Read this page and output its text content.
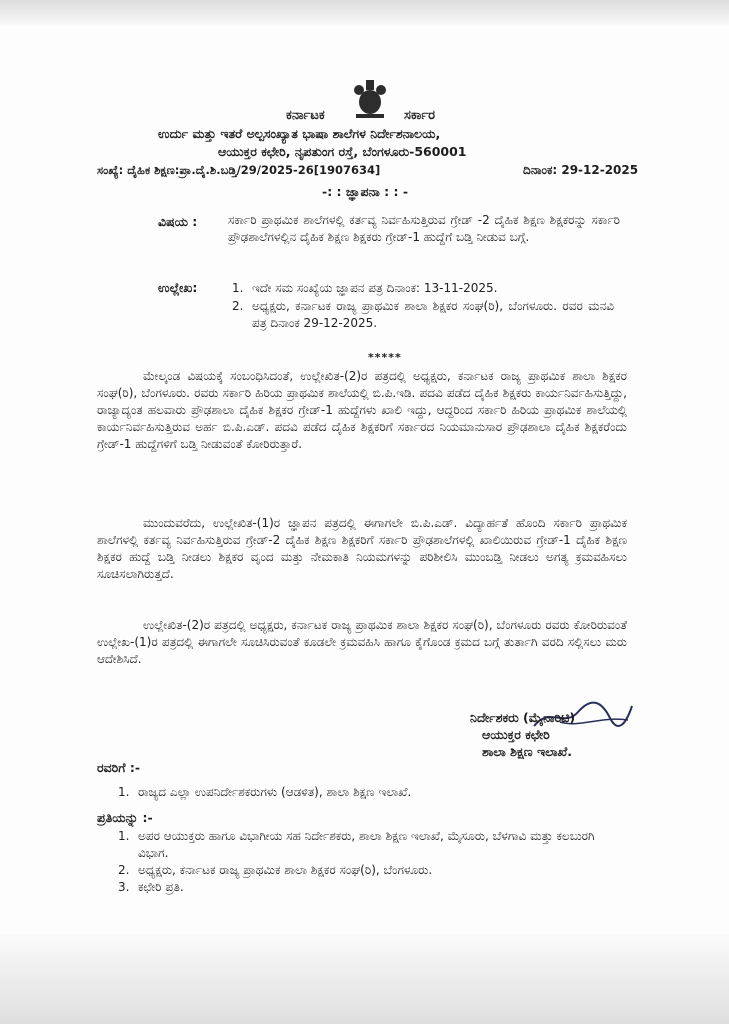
ಕರ್ನಾಟಕ	ಸರ್ಕಾರ
ಉರ್ದು ಮತ್ತು ಇತರೆ ಅಲ್ಪಸಂಖ್ಯಾತ ಭಾಷಾ ಶಾಲೆಗಳ ನಿರ್ದೇಶನಾಲಯ,
ಆಯುಕ್ತರ ಕಛೇರಿ, ನೃಪತುಂಗ ರಸ್ತೆ, ಬೆಂಗಳೂರು-560001
ಸಂಖ್ಯೆ: ದೈಹಿಕ ಶಿಕ್ಷಣ:ಪ್ರಾ.ದೈ.ಶಿ.ಬಡ್ತಿ/29/2025-26[1907634]	ದಿನಾಂಕ: 29-12-2025
-: : ಜ್ಞಾಪನಾ : : -
ವಿಷಯ :	ಸರ್ಕಾರಿ ಪ್ರಾಥಮಿಕ ಶಾಲೆಗಳಲ್ಲಿ ಕರ್ತವ್ಯ ನಿರ್ವಹಿಸುತ್ತಿರುವ ಗ್ರೇಡ್ -2 ದೈಹಿಕ ಶಿಕ್ಷಣ ಶಿಕ್ಷಕರನ್ನು ಸರ್ಕಾರಿ ಪ್ರೌಢಶಾಲೆಗಳಲ್ಲಿನ ದೈಹಿಕ ಶಿಕ್ಷಣ ಶಿಕ್ಷಕರು ಗ್ರೇಡ್-1 ಹುದ್ದೆಗೆ ಬಡ್ತಿ ನೀಡುವ ಬಗ್ಗೆ.

ಉಲ್ಲೇಖ:	1. ಇದೇ ಸಮ ಸಂಖ್ಯೆಯ ಜ್ಞಾಪನ ಪತ್ರ ದಿನಾಂಕ: 13-11-2025.
2. ಅಧ್ಯಕ್ಷರು, ಕರ್ನಾಟಕ ರಾಜ್ಯ ಪ್ರಾಥಮಿಕ ಶಾಲಾ ಶಿಕ್ಷಕರ ಸಂಘ(ರಿ), ಬೆಂಗಳೂರು. ರವರ ಮನವಿ ಪತ್ರ ದಿನಾಂಕ 29-12-2025.
*****

ಮೇಲ್ಕಂಡ ವಿಷಯಕ್ಕೆ ಸಂಬಂಧಿಸಿದಂತೆ, ಉಲ್ಲೇಖಿತ-(2)ರ ಪತ್ರದಲ್ಲಿ ಅಧ್ಯಕ್ಷರು, ಕರ್ನಾಟಕ ರಾಜ್ಯ ಪ್ರಾಥಮಿಕ ಶಾಲಾ ಶಿಕ್ಷಕರ ಸಂಘ(ರಿ), ಬೆಂಗಳೂರು. ರವರು ಸರ್ಕಾರಿ ಹಿರಿಯ ಪ್ರಾಥಮಿಕ ಶಾಲೆಯಲ್ಲಿ ಬಿ.ಪಿ.ಇಡಿ. ಪದವಿ ಪಡೆದ ದೈಹಿಕ ಶಿಕ್ಷಕರು ಕಾರ್ಯನಿರ್ವಹಿಸುತ್ತಿದ್ದು, ರಾಜ್ಯಾದ್ಯಂತ ಹಲವಾರು ಪ್ರೌಢಶಾಲಾ ದೈಹಿಕ ಶಿಕ್ಷಕರ ಗ್ರೇಡ್-1 ಹುದ್ದೆಗಳು ಖಾಲಿ ಇದ್ದು, ಆದ್ದರಿಂದ ಸರ್ಕಾರಿ ಹಿರಿಯ ಪ್ರಾಥಮಿಕ ಶಾಲೆಯಲ್ಲಿ ಕಾರ್ಯನಿರ್ವಹಿಸುತ್ತಿರುವ ಅರ್ಹ ಬಿ.ಪಿ.ಎಡ್. ಪದವಿ ಪಡೆದ ದೈಹಿಕ ಶಿಕ್ಷಕರಿಗೆ ಸರ್ಕಾರದ ನಿಯಮಾನುಸಾರ ಪ್ರೌಢಶಾಲಾ ದೈಹಿಕ ಶಿಕ್ಷಕರೆಂದು ಗ್ರೇಡ್-1 ಹುದ್ದೆಗಳಿಗೆ ಬಡ್ತಿ ನೀಡುವಂತೆ ಕೋರಿರುತ್ತಾರೆ.

ಮುಂದುವರೆದು, ಉಲ್ಲೇಖಿತ-(1)ರ ಜ್ಞಾಪನ ಪತ್ರದಲ್ಲಿ ಈಗಾಗಲೇ ಬಿ.ಪಿ.ಎಡ್. ವಿದ್ಯಾರ್ಹತೆ ಹೊಂದಿ ಸರ್ಕಾರಿ ಪ್ರಾಥಮಿಕ ಶಾಲೆಗಳಲ್ಲಿ ಕರ್ತವ್ಯ ನಿರ್ವಹಿಸುತ್ತಿರುವ ಗ್ರೇಡ್-2 ದೈಹಿಕ ಶಿಕ್ಷಣ ಶಿಕ್ಷಕರಿಗೆ ಸರ್ಕಾರಿ ಪ್ರೌಢಶಾಲೆಗಳಲ್ಲಿ ಖಾಲಿಯಿರುವ ಗ್ರೇಡ್-1 ದೈಹಿಕ ಶಿಕ್ಷಣ ಶಿಕ್ಷಕರ ಹುದ್ದೆ ಬಡ್ತಿ ನೀಡಲು ಶಿಕ್ಷಕರ ವೃಂದ ಮತ್ತು ನೇಮಕಾತಿ ನಿಯಮಗಳನ್ನು ಪರಿಶೀಲಿಸಿ ಮುಂಬಡ್ತಿ ನೀಡಲು ಅಗತ್ಯ ಕ್ರಮವಹಿಸಲು ಸೂಚಿಸಲಾಗಿರುತ್ತದೆ.

ಉಲ್ಲೇಖಿತ-(2)ರ ಪತ್ರದಲ್ಲಿ ಅಧ್ಯಕ್ಷರು, ಕರ್ನಾಟಕ ರಾಜ್ಯ ಪ್ರಾಥಮಿಕ ಶಾಲಾ ಶಿಕ್ಷಕರ ಸಂಘ(ರಿ), ಬೆಂಗಳೂರು ರವರು ಕೋರಿರುವಂತೆ ಉಲ್ಲೇಖ-(1)ರ ಪತ್ರದಲ್ಲಿ ಈಗಾಗಲೇ ಸೂಚಿಸಿರುವಂತೆ ಕೂಡಲೇ ಕ್ರಮವಹಿಸಿ ಹಾಗೂ ಕೈಗೊಂಡ ಕ್ರಮದ ಬಗ್ಗೆ ತುರ್ತಾಗಿ ವರದಿ ಸಲ್ಲಿಸಲು ಮರು ಆದೇಶಿಸಿದೆ.

ನಿರ್ದೇಶಕರು (ಮೈನಾರಿಟಿ)
ಆಯುಕ್ತರ ಕಛೇರಿ
ಶಾಲಾ ಶಿಕ್ಷಣ ಇಲಾಖೆ.
ರವರಿಗೆ :-
1. ರಾಜ್ಯದ ಎಲ್ಲಾ ಉಪನಿರ್ದೇಶಕರುಗಳು (ಆಡಳಿತ), ಶಾಲಾ ಶಿಕ್ಷಣ ಇಲಾಖೆ.
ಪ್ರತಿಯನ್ನು :-
1. ಅಪರ ಆಯುಕ್ತರು ಹಾಗೂ ವಿಭಾಗೀಯ ಸಹ ನಿರ್ದೇಶಕರು, ಶಾಲಾ ಶಿಕ್ಷಣ ಇಲಾಖೆ, ಮೈಸೂರು, ಬೆಳಗಾವಿ ಮತ್ತು ಕಲಬುರಗಿ ವಿಭಾಗ.
2. ಅಧ್ಯಕ್ಷರು, ಕರ್ನಾಟಕ ರಾಜ್ಯ ಪ್ರಾಥಮಿಕ ಶಾಲಾ ಶಿಕ್ಷಕರ ಸಂಘ(ರಿ), ಬೆಂಗಳೂರು.
3. ಕಛೇರಿ ಪ್ರತಿ.
